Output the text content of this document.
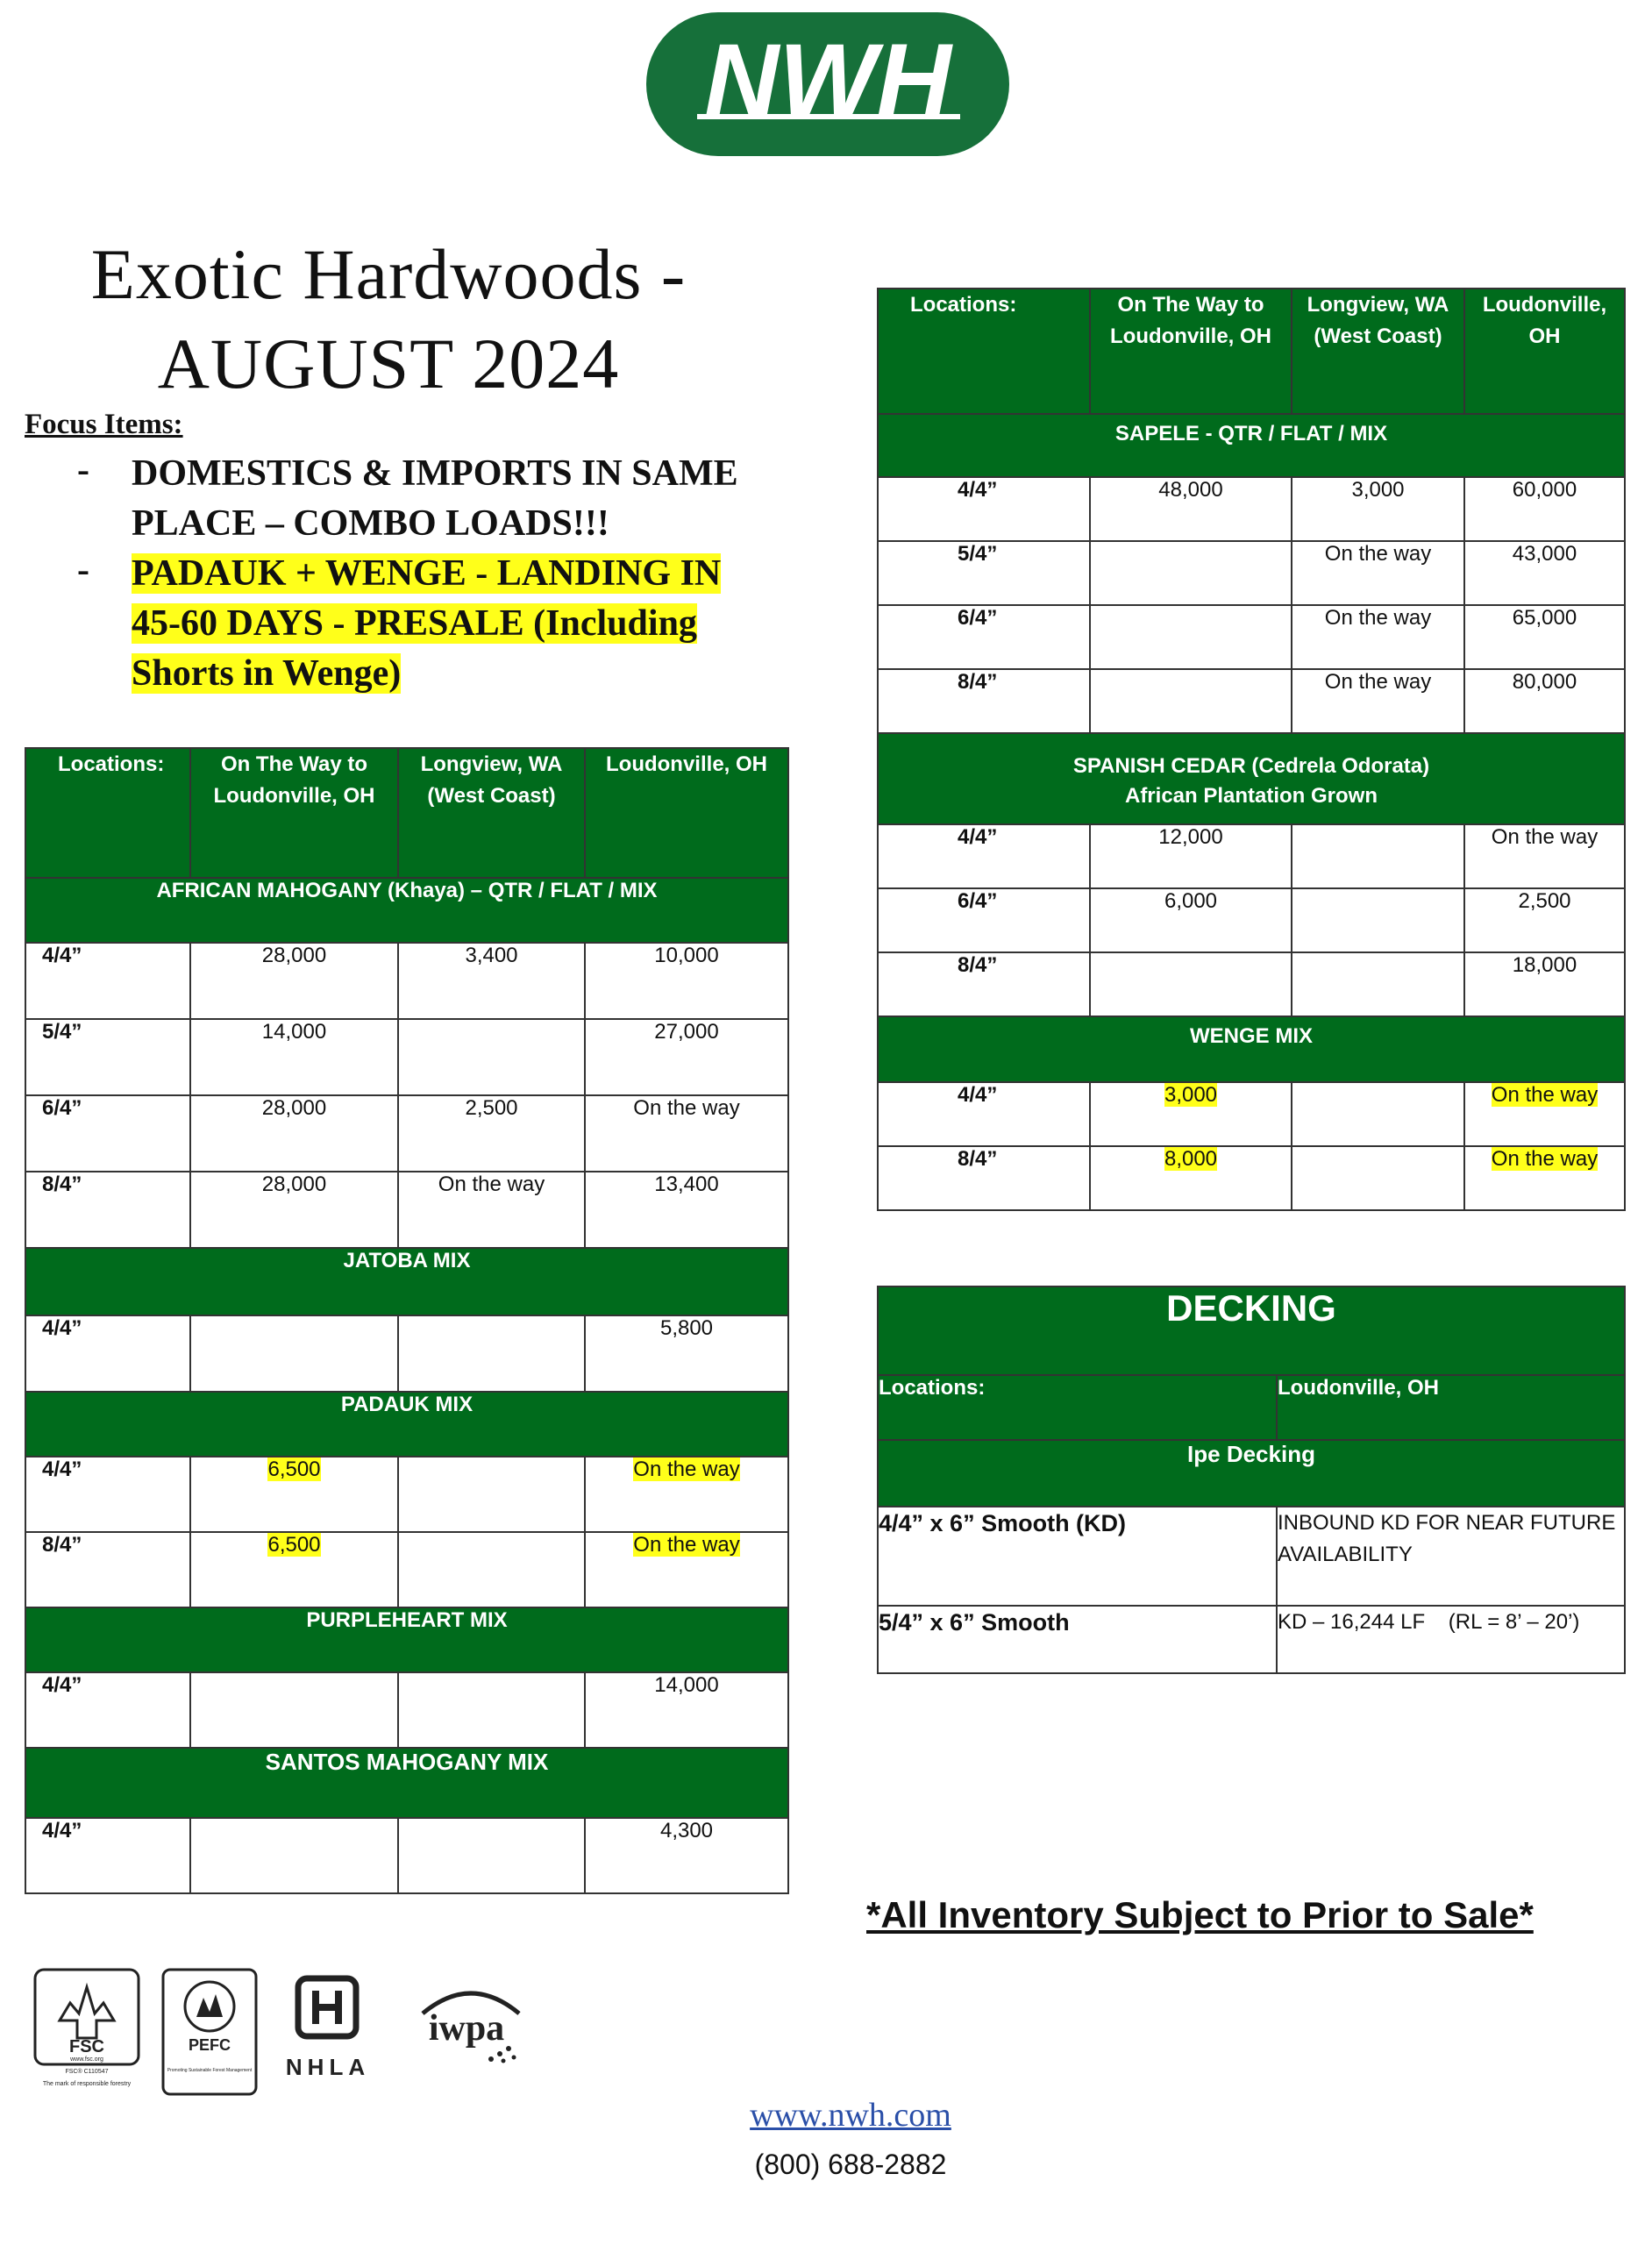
NWH
Exotic Hardwoods -
AUGUST 2024
Focus Items:
- DOMESTICS & IMPORTS IN SAME PLACE – COMBO LOADS!!!
- PADAUK + WENGE - LANDING IN 45-60 DAYS - PRESALE (Including Shorts in Wenge)
Locations:	On The Way to Loudonville, OH	Longview, WA (West Coast)	Loudonville, OH
AFRICAN MAHOGANY (Khaya) – QTR / FLAT / MIX			
4/4”	28,000	3,400	10,000
5/4”	14,000		27,000
6/4”	28,000	2,500	On the way
8/4”	28,000	On the way	13,400
JATOBA MIX			
4/4”			5,800
PADAUK MIX			
4/4”	6,500		On the way
8/4”	6,500		On the way
PURPLEHEART MIX			
4/4”			14,000
SANTOS MAHOGANY MIX			
4/4”			4,300
Locations:	On The Way to Loudonville, OH	Longview, WA (West Coast)	Loudonville, OH
SAPELE - QTR / FLAT / MIX			
4/4”	48,000	3,000	60,000
5/4”		On the way	43,000
6/4”		On the way	65,000
8/4”		On the way	80,000

SPANISH CEDAR (Cedrela Odorata)
African Plantation Grown			

4/4”	12,000		On the way
6/4”	6,000		2,500
8/4”			18,000
WENGE MIX			
4/4”	3,000		On the way
8/4”	8,000		On the way
DECKING	
Locations:	Loudonville, OH
Ipe Decking	
4/4” x 6” Smooth (KD)	INBOUND KD FOR NEAR FUTURE AVAILABILITY
5/4” x 6” Smooth	KD – 16,244 LF    (RL = 8’ – 20’)
*All Inventory Subject to Prior to Sale*
FSC
www.fsc.org
FSC® C110547
The mark of responsible forestry
PEFC
Promoting Sustainable Forest Management NHLA
iwpa
www.nwh.com
(800) 688-2882
